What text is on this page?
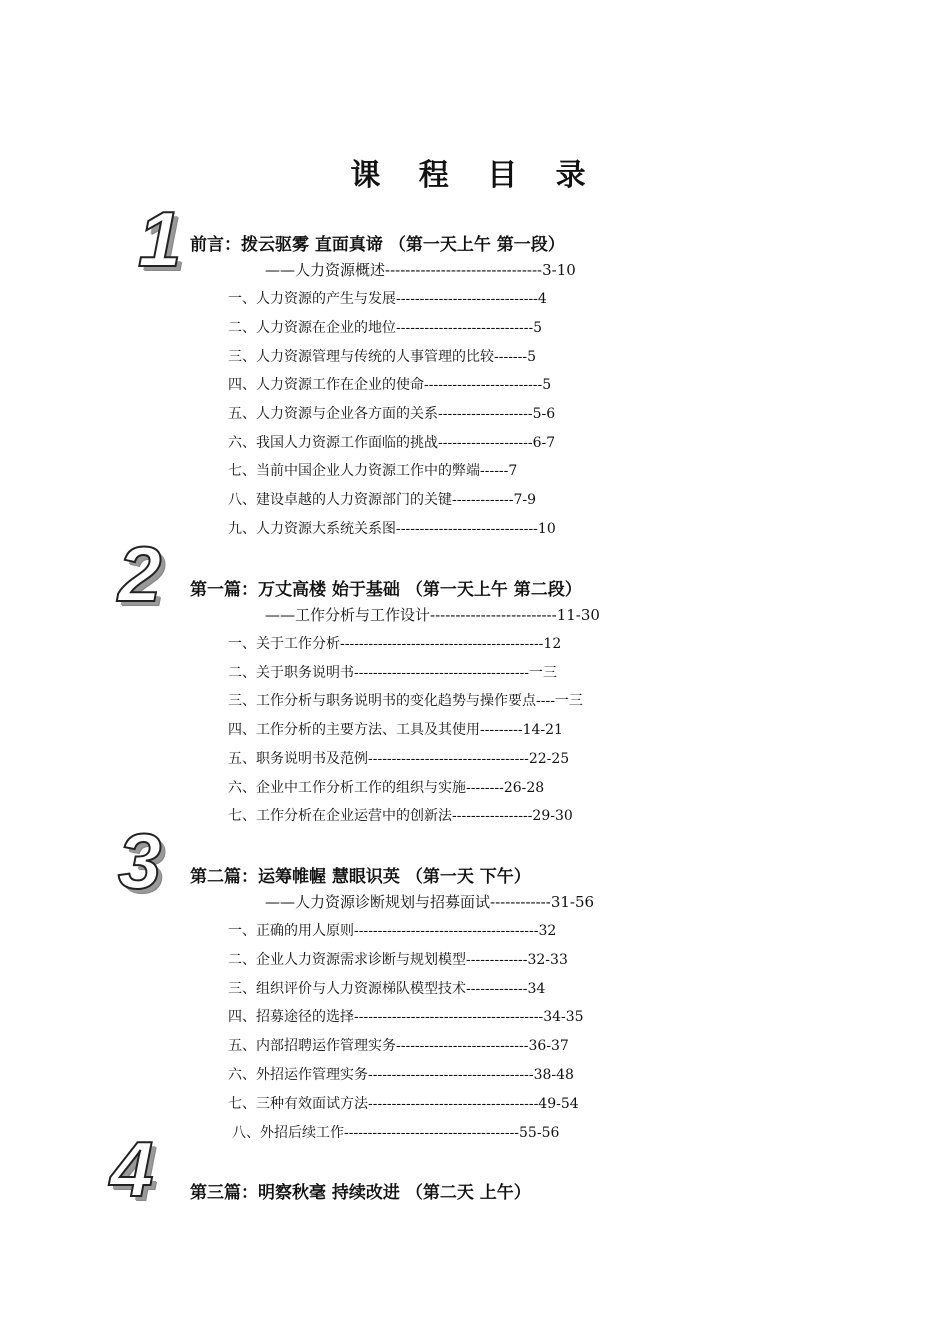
课 程 目 录
1 前言：拨云驱雾 直面真谛 （第一天上午 第一段）
——人力资源概述-------------------------------3-10
一、人力资源的产生与发展------------------------------4
二、人力资源在企业的地位-----------------------------5
三、人力资源管理与传统的人事管理的比较-------5
四、人力资源工作在企业的使命-------------------------5
五、人力资源与企业各方面的关系--------------------5-6
六、我国人力资源工作面临的挑战--------------------6-7
七、当前中国企业人力资源工作中的弊端------7
八、建设卓越的人力资源部门的关键-------------7-9
九、人力资源大系统关系图------------------------------10
2 第一篇：万丈高楼 始于基础 （第一天上午 第二段）
——工作分析与工作设计-------------------------11-30
一、关于工作分析-------------------------------------------12
二、关于职务说明书-------------------------------------一三
三、工作分析与职务说明书的变化趋势与操作要点----一三
四、工作分析的主要方法、工具及其使用---------14-21
五、职务说明书及范例----------------------------------22-25
六、企业中工作分析工作的组织与实施--------26-28
七、工作分析在企业运营中的创新法-----------------29-30
3 第二篇：运筹帷幄 慧眼识英 （第一天 下午）
——人力资源诊断规划与招募面试------------31-56
一、正确的用人原则---------------------------------------32
二、企业人力资源需求诊断与规划模型-------------32-33
三、组织评价与人力资源梯队模型技术-------------34
四、招募途径的选择----------------------------------------34-35
五、内部招聘运作管理实务----------------------------36-37
六、外招运作管理实务-----------------------------------38-48
七、三种有效面试方法------------------------------------49-54
八、外招后续工作-------------------------------------55-56
4 第三篇：明察秋毫 持续改进 （第二天 上午）
